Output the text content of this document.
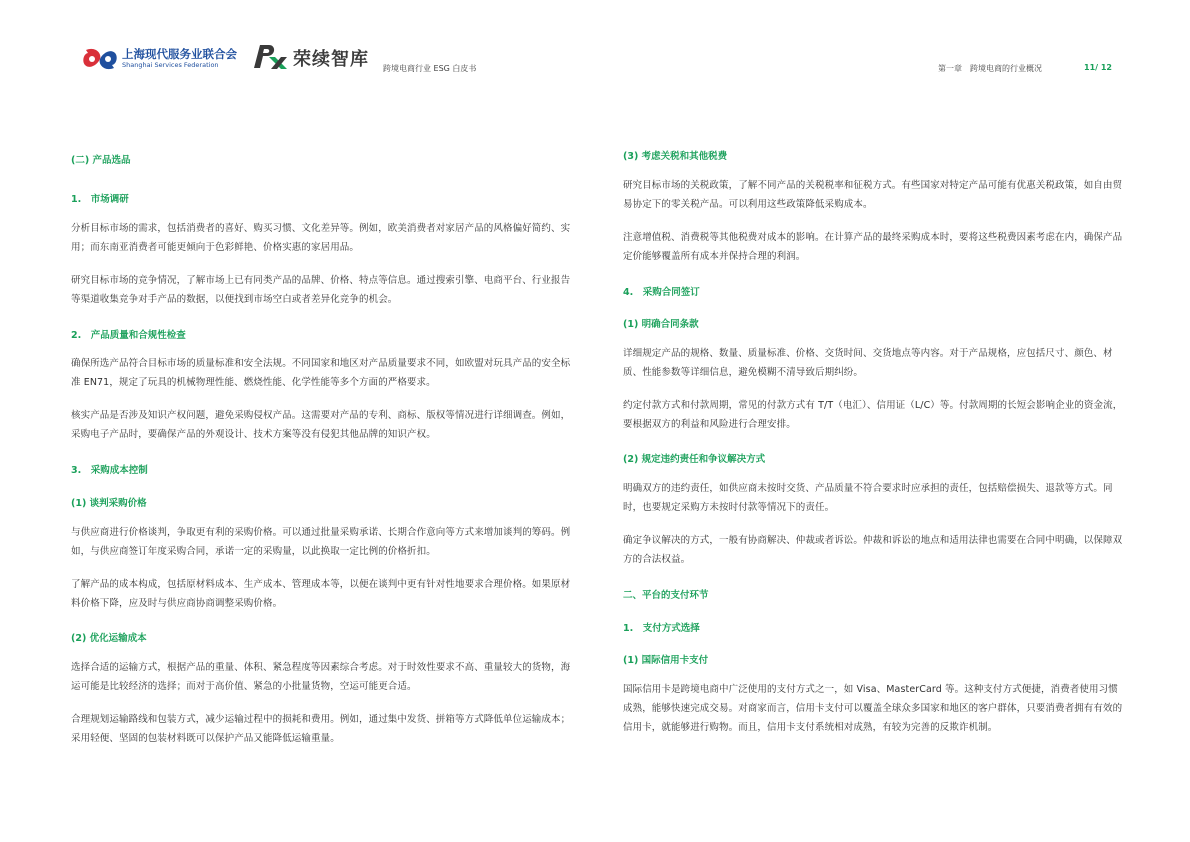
上海现代服务业联合会
Shanghai Services Federation	荣续智库 跨境电商行业 ESG 白皮书	第一章　跨境电商的行业概况	11/ 12
(二) 产品选品
1.　市场调研
分析目标市场的需求，包括消费者的喜好、购买习惯、文化差异等。例如，欧美消费者对家居产品的风格偏好简约、实用；而东南亚消费者可能更倾向于色彩鲜艳、价格实惠的家居用品。
研究目标市场的竞争情况，了解市场上已有同类产品的品牌、价格、特点等信息。通过搜索引擎、电商平台、行业报告等渠道收集竞争对手产品的数据，以便找到市场空白或者差异化竞争的机会。
2.　产品质量和合规性检查
确保所选产品符合目标市场的质量标准和安全法规。不同国家和地区对产品质量要求不同，如欧盟对玩具产品的安全标准 EN71，规定了玩具的机械物理性能、燃烧性能、化学性能等多个方面的严格要求。
核实产品是否涉及知识产权问题，避免采购侵权产品。这需要对产品的专利、商标、版权等情况进行详细调查。例如，采购电子产品时，要确保产品的外观设计、技术方案等没有侵犯其他品牌的知识产权。
3.　采购成本控制
(1) 谈判采购价格
与供应商进行价格谈判，争取更有利的采购价格。可以通过批量采购承诺、长期合作意向等方式来增加谈判的筹码。例如，与供应商签订年度采购合同，承诺一定的采购量，以此换取一定比例的价格折扣。
了解产品的成本构成，包括原材料成本、生产成本、管理成本等，以便在谈判中更有针对性地要求合理价格。如果原材料价格下降，应及时与供应商协商调整采购价格。
(2) 优化运输成本
选择合适的运输方式，根据产品的重量、体积、紧急程度等因素综合考虑。对于时效性要求不高、重量较大的货物，海运可能是比较经济的选择；而对于高价值、紧急的小批量货物，空运可能更合适。
合理规划运输路线和包装方式，减少运输过程中的损耗和费用。例如，通过集中发货、拼箱等方式降低单位运输成本；采用轻便、坚固的包装材料既可以保护产品又能降低运输重量。
(3) 考虑关税和其他税费
研究目标市场的关税政策，了解不同产品的关税税率和征税方式。有些国家对特定产品可能有优惠关税政策，如自由贸易协定下的零关税产品。可以利用这些政策降低采购成本。
注意增值税、消费税等其他税费对成本的影响。在计算产品的最终采购成本时，要将这些税费因素考虑在内，确保产品定价能够覆盖所有成本并保持合理的利润。
4.　采购合同签订
(1) 明确合同条款
详细规定产品的规格、数量、质量标准、价格、交货时间、交货地点等内容。对于产品规格，应包括尺寸、颜色、材质、性能参数等详细信息，避免模糊不清导致后期纠纷。
约定付款方式和付款周期，常见的付款方式有 T/T（电汇）、信用证（L/C）等。付款周期的长短会影响企业的资金流，要根据双方的利益和风险进行合理安排。
(2) 规定违约责任和争议解决方式
明确双方的违约责任，如供应商未按时交货、产品质量不符合要求时应承担的责任，包括赔偿损失、退款等方式。同时，也要规定采购方未按时付款等情况下的责任。
确定争议解决的方式，一般有协商解决、仲裁或者诉讼。仲裁和诉讼的地点和适用法律也需要在合同中明确，以保障双方的合法权益。
二、平台的支付环节
1.　支付方式选择
(1) 国际信用卡支付
国际信用卡是跨境电商中广泛使用的支付方式之一，如 Visa、MasterCard 等。这种支付方式便捷，消费者使用习惯成熟，能够快速完成交易。对商家而言，信用卡支付可以覆盖全球众多国家和地区的客户群体，只要消费者拥有有效的信用卡，就能够进行购物。而且，信用卡支付系统相对成熟，有较为完善的反欺诈机制。
